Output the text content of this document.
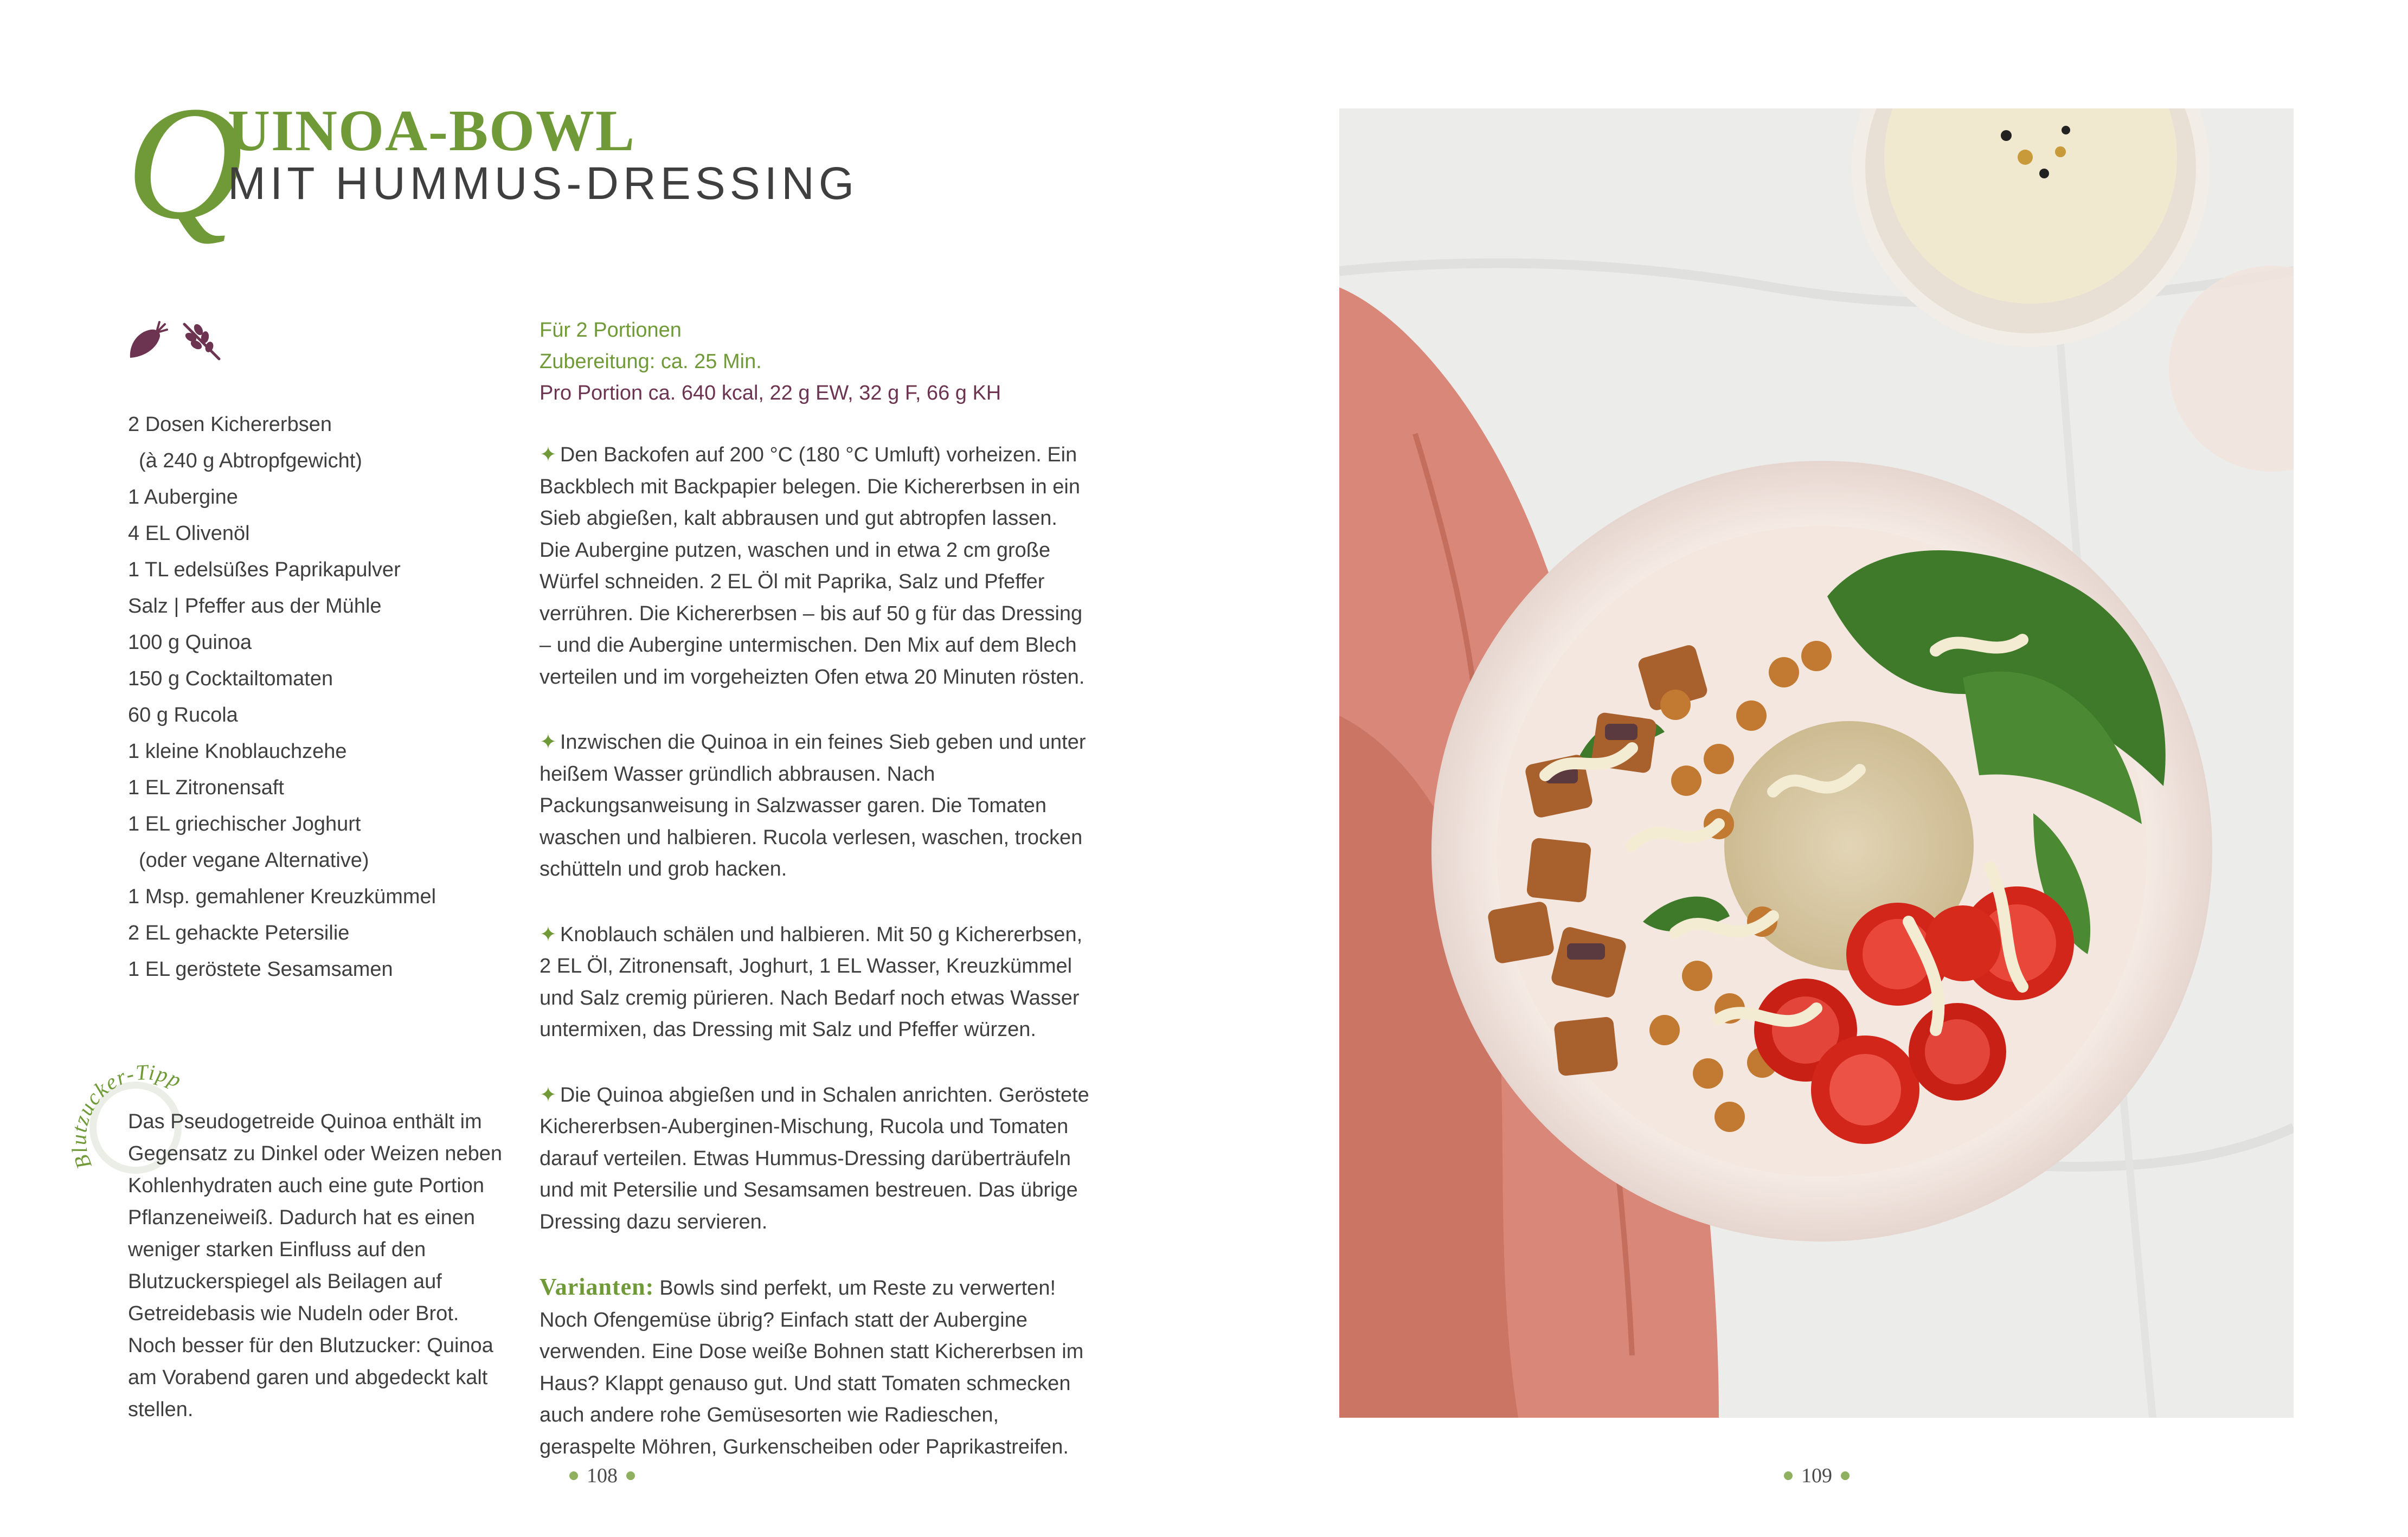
Q
UINOA-BOWL
MIT HUMMUS-DRESSING
2 Dosen Kichererbsen
(à 240 g Abtropfgewicht)
1 Aubergine
4 EL Olivenöl
1 TL edelsüßes Paprikapulver
Salz | Pfeffer aus der Mühle
100 g Quinoa
150 g Cocktailtomaten
60 g Rucola
1 kleine Knoblauchzehe
1 EL Zitronensaft
1 EL griechischer Joghurt
(oder vegane Alternative)
1 Msp. gemahlener Kreuzkümmel
2 EL gehackte Petersilie
1 EL geröstete Sesamsamen
Blutzucker-Tipp

Das Pseudogetreide Quinoa enthält im Gegensatz zu Dinkel oder Weizen neben Kohlenhydraten auch eine gute Portion Pflanzeneiweiß. Dadurch hat es einen weniger starken Einfluss auf den Blutzuckerspiegel als Beilagen auf Getreidebasis wie Nudeln oder Brot. Noch besser für den Blutzucker: Quinoa am Vorabend garen und abgedeckt kalt stellen.

Für 2 Portionen
Zubereitung: ca. 25 Min.
Pro Portion ca. 640 kcal, 22 g EW, 32 g F, 66 g KH

✦ Den Backofen auf 200 °C (180 °C Umluft) vorheizen. Ein Backblech mit Backpapier belegen. Die Kichererbsen in ein Sieb abgießen, kalt abbrausen und gut abtropfen lassen. Die Aubergine putzen, waschen und in etwa 2 cm große Würfel schneiden. 2 EL Öl mit Paprika, Salz und Pfeffer verrühren. Die Kichererbsen – bis auf 50 g für das Dressing – und die Aubergine untermischen. Den Mix auf dem Blech verteilen und im vorgeheizten Ofen etwa 20 Minuten rösten.

✦ Inzwischen die Quinoa in ein feines Sieb geben und unter heißem Wasser gründlich abbrausen. Nach Packungsanweisung in Salzwasser garen. Die Tomaten waschen und halbieren. Rucola verlesen, waschen, trocken schütteln und grob hacken.

✦ Knoblauch schälen und halbieren. Mit 50 g Kichererbsen, 2 EL Öl, Zitronensaft, Joghurt, 1 EL Wasser, Kreuzkümmel und Salz cremig pürieren. Nach Bedarf noch etwas Wasser untermixen, das Dressing mit Salz und Pfeffer würzen.

✦ Die Quinoa abgießen und in Schalen anrichten. Geröstete Kichererbsen-Auberginen-Mischung, Rucola und Tomaten darauf verteilen. Etwas Hummus-Dressing darüberträufeln und mit Petersilie und Sesamsamen bestreuen. Das übrige Dressing dazu servieren.

Varianten: Bowls sind perfekt, um Reste zu verwerten! Noch Ofengemüse übrig? Einfach statt der Aubergine verwenden. Eine Dose weiße Bohnen statt Kichererbsen im Haus? Klappt genauso gut. Und statt Tomaten schmecken auch andere rohe Gemüsesorten wie Radieschen, geraspelte Möhren, Gurkenscheiben oder Paprikastreifen.

108	109
